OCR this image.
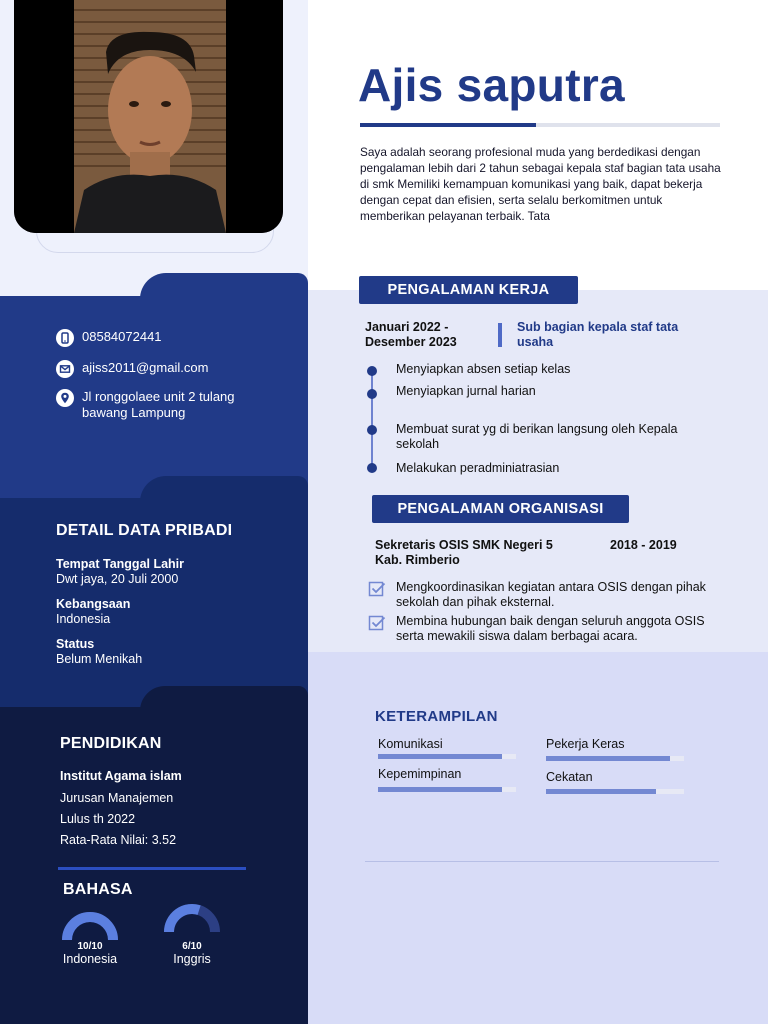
08584072441
ajiss2011@gmail.com
Jl ronggolaee unit 2 tulang
bawang Lampung
DETAIL DATA PRIBADI
Tempat Tanggal Lahir
Dwt jaya, 20 Juli 2000
Kebangsaan
Indonesia
Status
Belum Menikah
PENDIDIKAN
Institut Agama islam
Jurusan Manajemen
Lulus th 2022
Rata-Rata Nilai: 3.52
BAHASA
10/10
Indonesia
6/10
Inggris
Ajis saputra
Saya adalah seorang profesional muda yang berdedikasi dengan pengalaman lebih dari 2 tahun sebagai kepala staf bagian tata usaha di smk Memiliki kemampuan komunikasi yang baik, dapat bekerja dengan cepat dan efisien, serta selalu berkomitmen untuk memberikan pelayanan terbaik. Tata
PENGALAMAN KERJA
Januari 2022 -
Desember 2023
Sub bagian kepala staf tata usaha
Menyiapkan absen setiap kelas
Menyiapkan jurnal harian
Membuat surat yg di berikan langsung oleh Kepala sekolah
Melakukan peradminiatrasian
PENGALAMAN ORGANISASI
Sekretaris OSIS SMK Negeri 5
Kab. Rimberio
2018 - 2019
Mengkoordinasikan kegiatan antara OSIS dengan pihak sekolah dan pihak eksternal.
Membina hubungan baik dengan seluruh anggota OSIS serta mewakili siswa dalam berbagai acara.
KETERAMPILAN
Komunikasi	Pekerja Keras
Kepemimpinan	Cekatan
